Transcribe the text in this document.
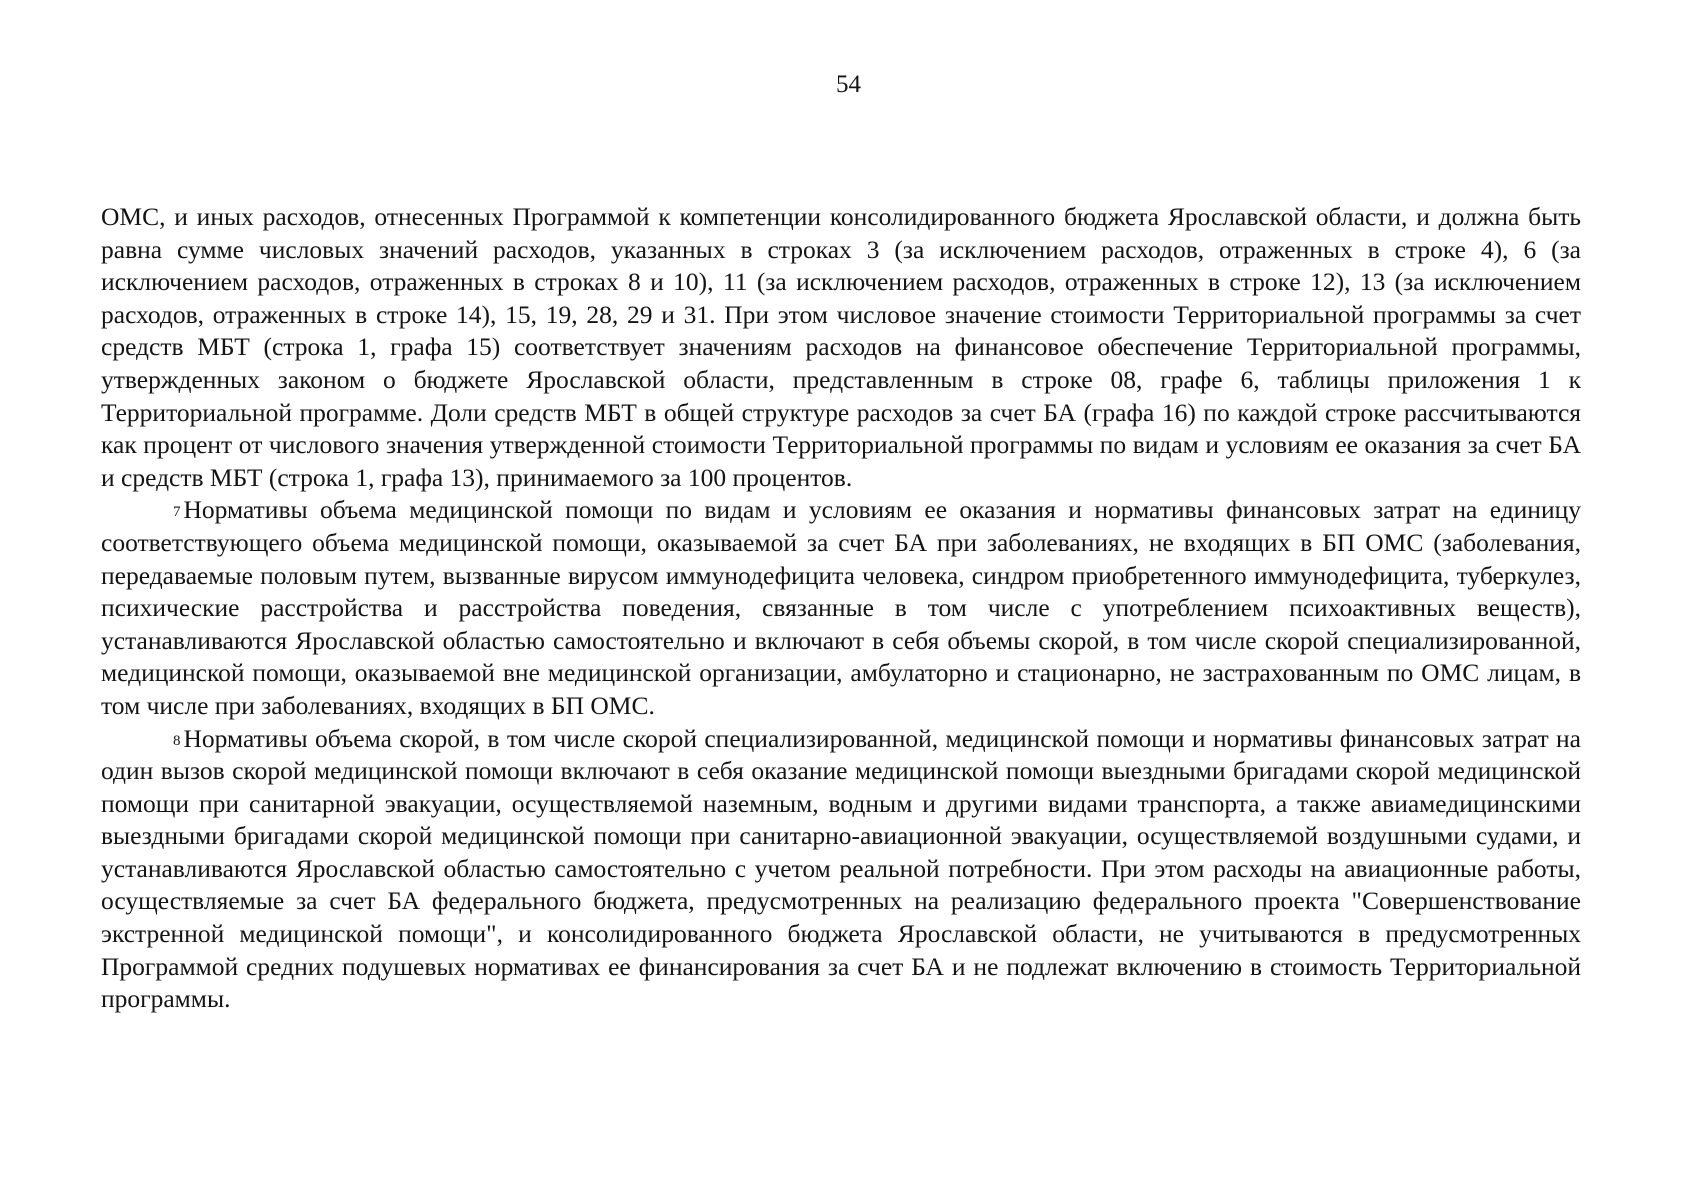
54

ОМС, и иных расходов, отнесенных Программой к компетенции консолидированного бюджета Ярославской области, и должна быть равна сумме числовых значений расходов, указанных в строках 3 (за исключением расходов, отраженных в строке 4), 6 (за исключением расходов, отраженных в строках 8 и 10), 11 (за исключением расходов, отраженных в строке 12), 13 (за исключением расходов, отраженных в строке 14), 15, 19, 28, 29 и 31. При этом числовое значение стоимости Территориальной программы за счет средств МБТ (строка 1, графа 15) соответствует значениям расходов на финансовое обеспечение Территориальной программы, утвержденных законом о бюджете Ярославской области, представленным в строке 08, графе 6, таблицы приложения 1 к Территориальной программе. Доли средств МБТ в общей структуре расходов за счет БА (графа 16) по каждой строке рассчитываются как процент от числового значения утвержденной стоимости Территориальной программы по видам и условиям ее оказания за счет БА и средств МБТ (строка 1, графа 13), принимаемого за 100 процентов.

$^7$ Нормативы объема медицинской помощи по видам и условиям ее оказания и нормативы финансовых затрат на единицу соответствующего объема медицинской помощи, оказываемой за счет БА при заболеваниях, не входящих в БП ОМС (заболевания, передаваемые половым путем, вызванные вирусом иммунодефицита человека, синдром приобретенного иммунодефицита, туберкулез, психические расстройства и расстройства поведения, связанные в том числе с употреблением психоактивных веществ), устанавливаются Ярославской областью самостоятельно и включают в себя объемы скорой, в том числе скорой специализированной, медицинской помощи, оказываемой вне медицинской организации, амбулаторно и стационарно, не застрахованным по ОМС лицам, в том числе при заболеваниях, входящих в БП ОМС.

$^8$ Нормативы объема скорой, в том числе скорой специализированной, медицинской помощи и нормативы финансовых затрат на один вызов скорой медицинской помощи включают в себя оказание медицинской помощи выездными бригадами скорой медицинской помощи при санитарной эвакуации, осуществляемой наземным, водным и другими видами транспорта, а также авиамедицинскими выездными бригадами скорой медицинской помощи при санитарно-авиационной эвакуации, осуществляемой воздушными судами, и устанавливаются Ярославской областью самостоятельно с учетом реальной потребности. При этом расходы на авиационные работы, осуществляемые за счет БА федерального бюджета, предусмотренных на реализацию федерального проекта "Совершенствование экстренной медицинской помощи", и консолидированного бюджета Ярославской области, не учитываются в предусмотренных Программой средних подушевых нормативах ее финансирования за счет БА и не подлежат включению в стоимость Территориальной программы.
